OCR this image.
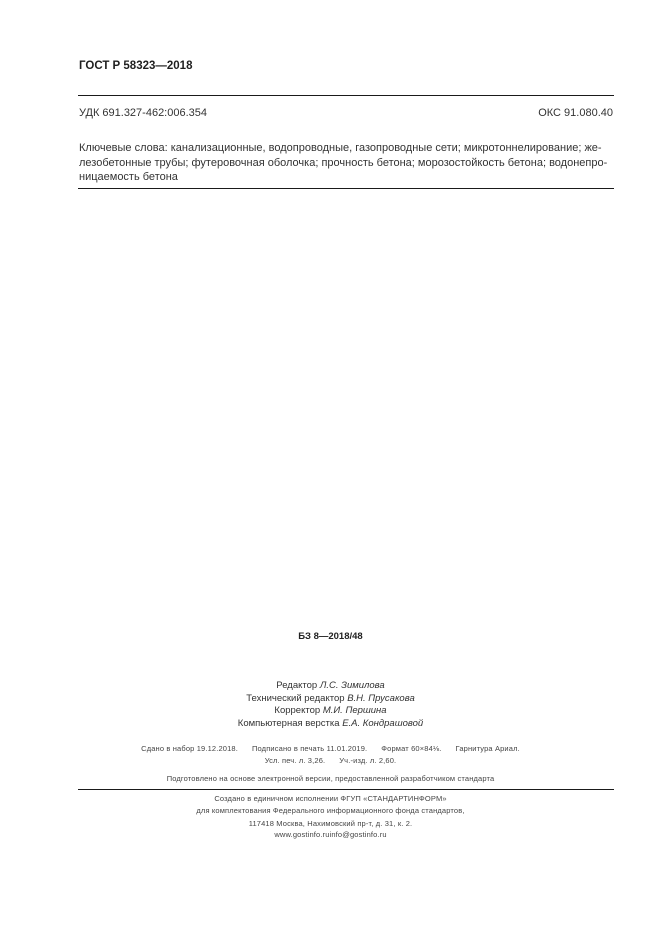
ГОСТ Р 58323—2018
УДК 691.327-462:006.354	ОКС 91.080.40
Ключевые слова: канализационные, водопроводные, газопроводные сети; микротоннелирование; же-
лезобетонные трубы; футеровочная оболочка; прочность бетона; морозостойкость бетона; водонепро-
ницаемость бетона
БЗ 8—2018/48
Редактор Л.С. Зимилова
Технический редактор В.Н. Прусакова
Корректор М.И. Першина
Компьютерная верстка Е.А. Кондрашовой
Сдано в набор 19.12.2018. Подписано в печать 11.01.2019. Формат 60×84⅛. Гарнитура Ариал.
Усл. печ. л. 3,26. Уч.-изд. л. 2,60.
Подготовлено на основе электронной версии, предоставленной разработчиком стандарта
Создано в единичном исполнении ФГУП «СТАНДАРТИНФОРМ»
для комплектования Федерального информационного фонда стандартов,
117418 Москва, Нахимовский пр-т, д. 31, к. 2.
www.gostinfo.ruinfo@gostinfo.ru
